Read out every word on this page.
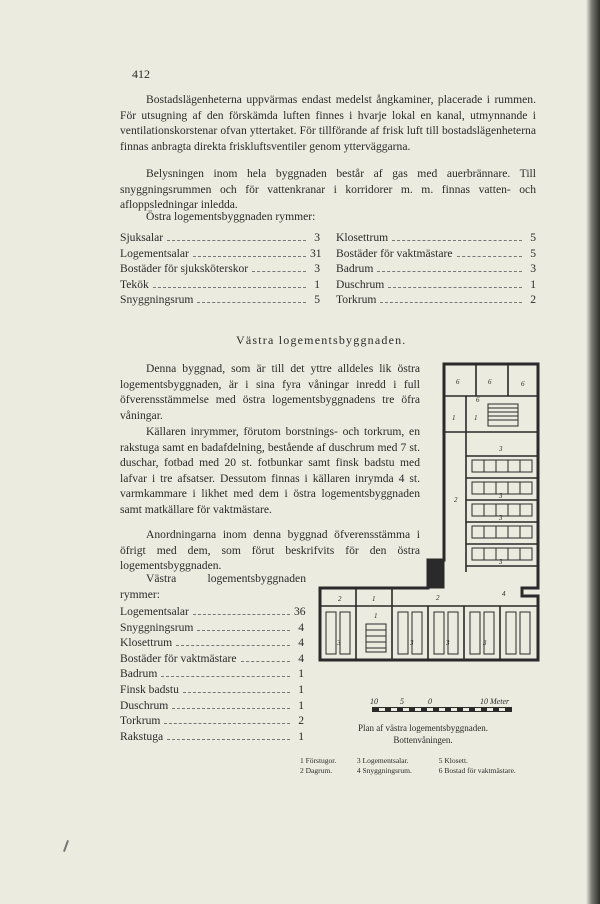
412
Bostadslägenheterna uppvärmas endast medelst ångkaminer, placerade i rummen. För utsugning af den förskämda luften finnes i hvarje lokal en kanal, utmynnande i ventilationskorstenar ofvan yttertaket. För tillförande af frisk luft till bostadslägenheterna finnas anbragta direkta friskluftsventiler genom ytterväggarna.
Belysningen inom hela byggnaden består af gas med auerbrännare. Till snyggningsrummen och för vattenkranar i korridorer m. m. finnas vatten- och afloppsledningar inledda.
Östra logementsbyggnaden rymmer:
Sjuksalar	3
Logementsalar	31
Bostäder för sjuksköterskor	3
Tekök	1
Snyggningsrum	5
Klosettrum	5
Bostäder för vaktmästare	5
Badrum	3
Duschrum	1
Torkrum	2
Västra logementsbyggnaden.
Denna byggnad, som är till det yttre alldeles lik östra logementsbyggnaden, är i sina fyra våningar inredd i full öfverensstämmelse med östra logementsbyggnadens tre öfra våningar.
Källaren inrymmer, förutom borstnings- och torkrum, en rakstuga samt en badafdelning, bestående af duschrum med 7 st. duschar, fotbad med 20 st. fotbunkar samt finsk badstu med lafvar i tre afsatser. Dessutom finnas i källaren inrymda 4 st. varmkammare i likhet med dem i östra logementsbyggnaden samt matkällare för vaktmästare.
Anordningarna inom denna byggnad öfverensstämma i öfrigt med dem, som förut beskrifvits för den östra logementsbyggnaden.
Västra logementsbyggnaden rymmer:
Logementsalar	36
Snyggningsrum	4
Klosettrum	4
Bostäder för vaktmästare	4
Badrum	1
Finsk badstu	1
Duschrum	1
Torkrum	2
Rakstuga	1
6	6	6
6
1	1
3
2	3
3
3
2	1	2	4
3
1
3	3	3
10	5	0	10 Meter
Plan af västra logementsbyggnaden.
Bottenvåningen.
1 Förstugor.	3 Logementsalar.	5 Klosett.
2 Dagrum.	4 Snyggningsrum.	6 Bostad för vaktmästare.
